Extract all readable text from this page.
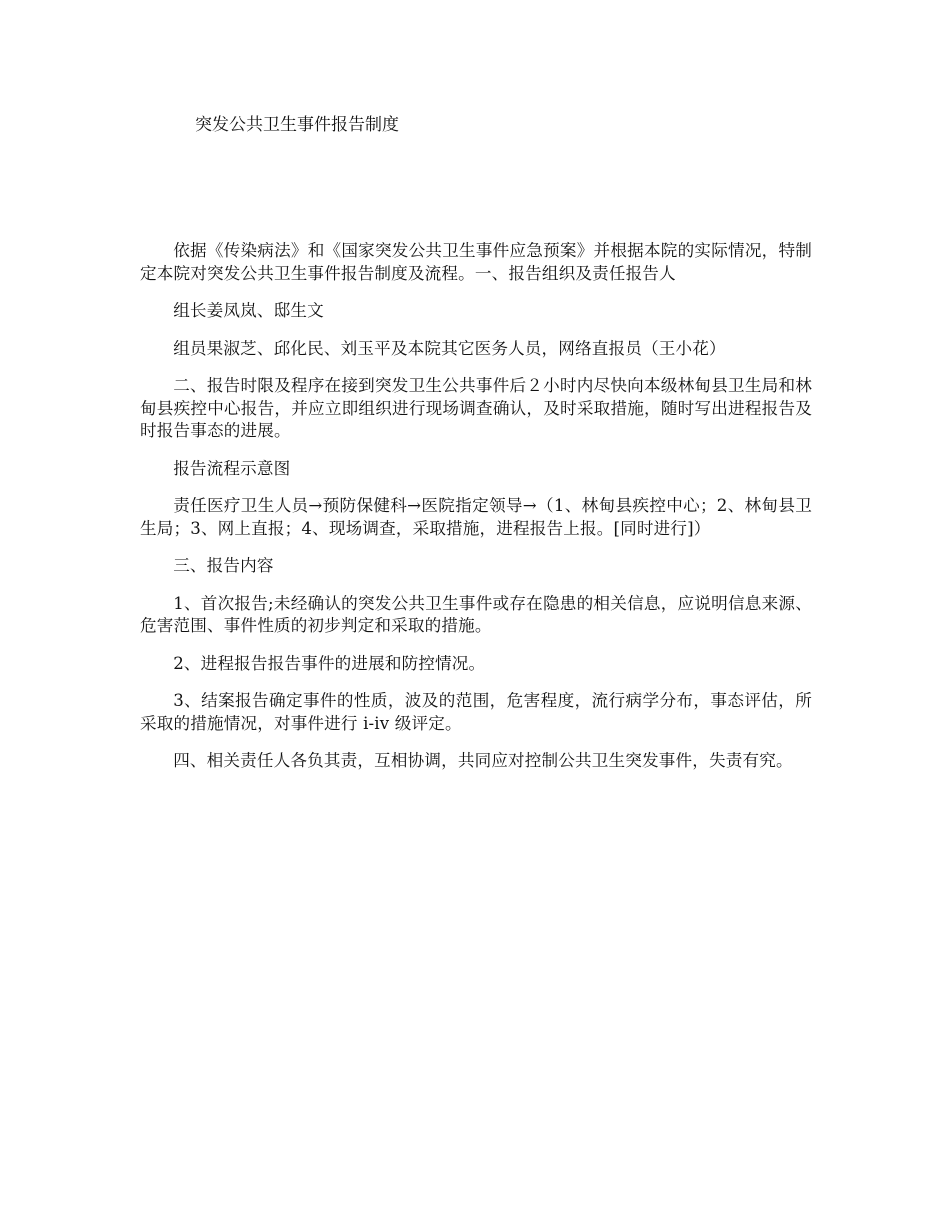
突发公共卫生事件报告制度

依据《传染病法》和《国家突发公共卫生事件应急预案》并根据本院的实际情况，特制定本院对突发公共卫生事件报告制度及流程。一、报告组织及责任报告人

组长姜凤岚、邸生文

组员果淑芝、邱化民、刘玉平及本院其它医务人员，网络直报员（王小花）

二、报告时限及程序在接到突发卫生公共事件后２小时内尽快向本级林甸县卫生局和林甸县疾控中心报告，并应立即组织进行现场调查确认，及时采取措施，随时写出进程报告及时报告事态的进展。

报告流程示意图

责任医疗卫生人员→预防保健科→医院指定领导→（1、林甸县疾控中心；2、林甸县卫生局；3、网上直报；4、现场调查，采取措施，进程报告上报。[同时进行]）

三、报告内容

1、首次报告;未经确认的突发公共卫生事件或存在隐患的相关信息，应说明信息来源、危害范围、事件性质的初步判定和采取的措施。

2、进程报告报告事件的进展和防控情况。

3、结案报告确定事件的性质，波及的范围，危害程度，流行病学分布，事态评估，所采取的措施情况，对事件进行 i-iv 级评定。

四、相关责任人各负其责，互相协调，共同应对控制公共卫生突发事件，失责有究。
